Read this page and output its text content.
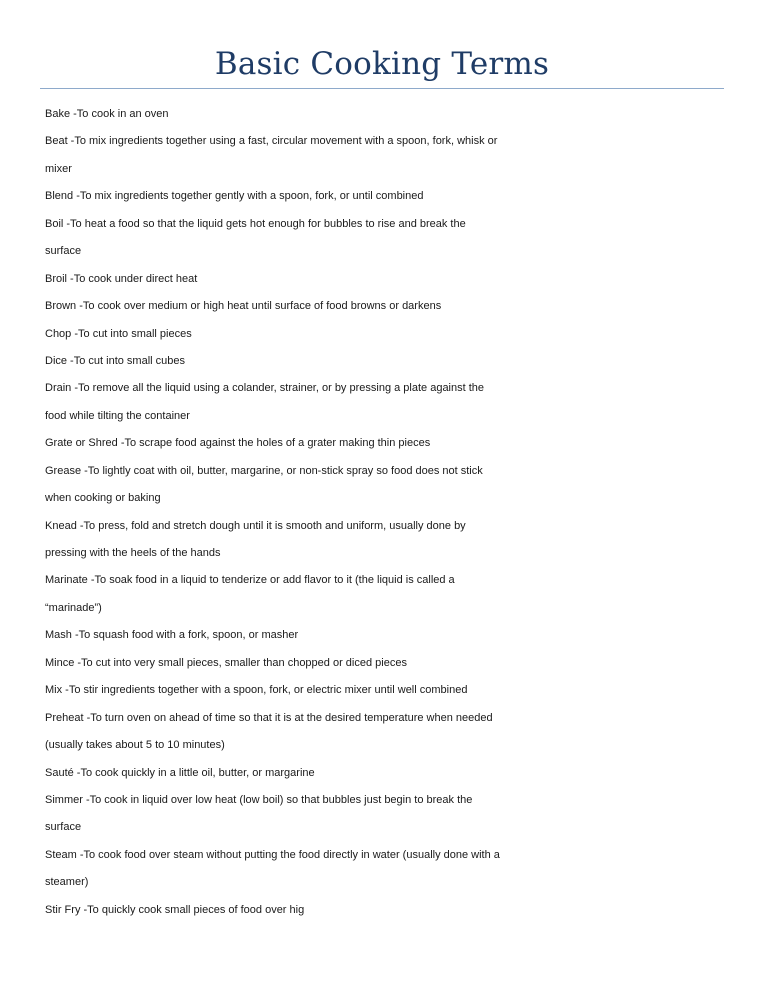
Basic Cooking Terms
Bake -To cook in an oven
Beat -To mix ingredients together using a fast, circular movement with a spoon, fork, whisk or
mixer
Blend -To mix ingredients together gently with a spoon, fork, or until combined
Boil -To heat a food so that the liquid gets hot enough for bubbles to rise and break the
surface
Broil -To cook under direct heat
Brown -To cook over medium or high heat until surface of food browns or darkens
Chop -To cut into small pieces
Dice -To cut into small cubes
Drain -To remove all the liquid using a colander, strainer, or by pressing a plate against the
food while tilting the container
Grate or Shred -To scrape food against the holes of a grater making thin pieces
Grease -To lightly coat with oil, butter, margarine, or non-stick spray so food does not stick
when cooking or baking
Knead -To press, fold and stretch dough until it is smooth and uniform, usually done by
pressing with the heels of the hands
Marinate -To soak food in a liquid to tenderize or add flavor to it (the liquid is called a
“marinade”)
Mash -To squash food with a fork, spoon, or masher
Mince -To cut into very small pieces, smaller than chopped or diced pieces
Mix -To stir ingredients together with a spoon, fork, or electric mixer until well combined
Preheat -To turn oven on ahead of time so that it is at the desired temperature when needed
(usually takes about 5 to 10 minutes)
Sauté -To cook quickly in a little oil, butter, or margarine
Simmer -To cook in liquid over low heat (low boil) so that bubbles just begin to break the
surface
Steam -To cook food over steam without putting the food directly in water (usually done with a
steamer)
Stir Fry -To quickly cook small pieces of food over hig
